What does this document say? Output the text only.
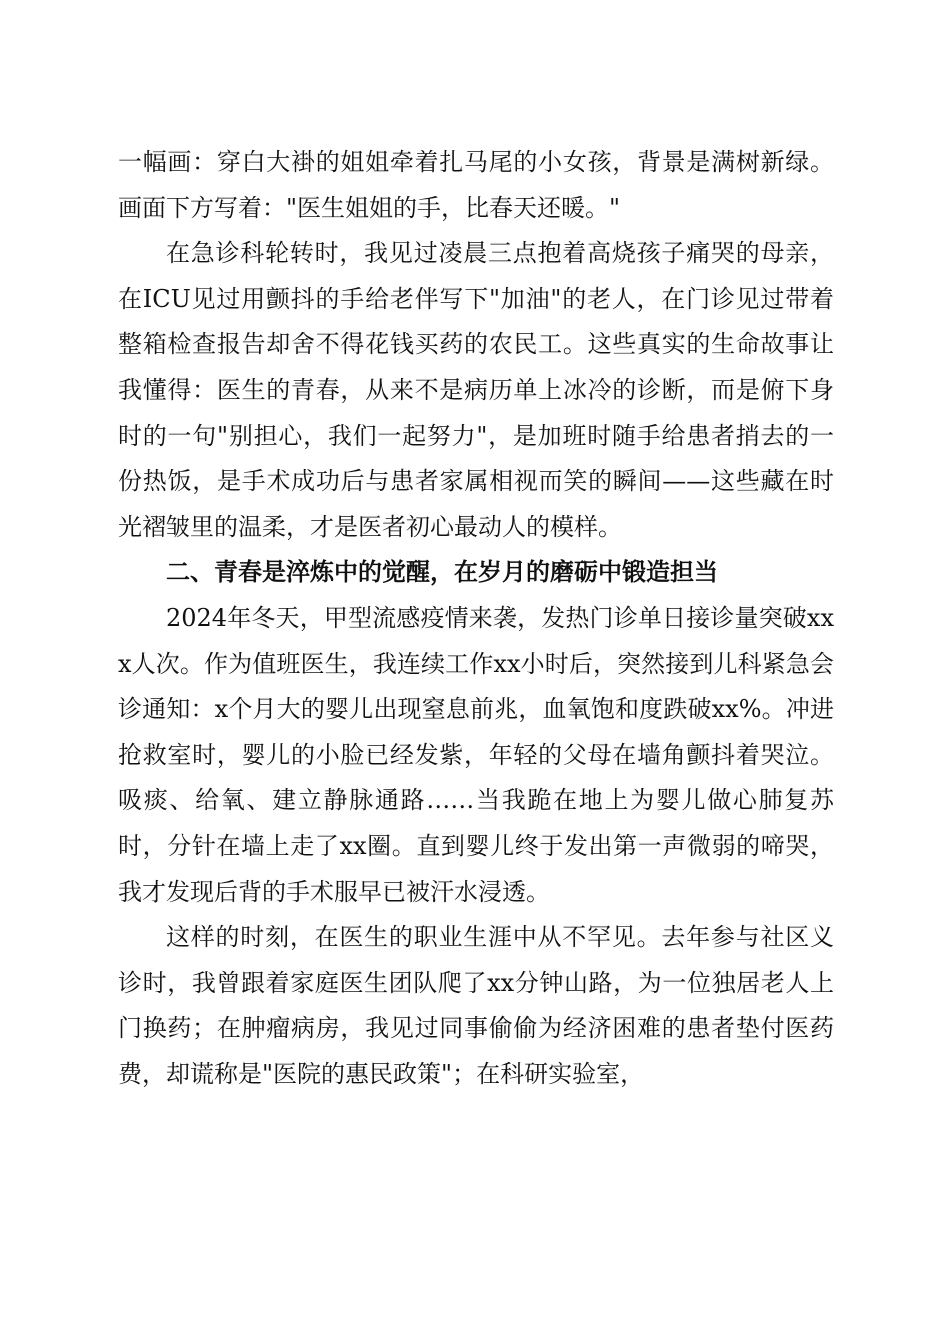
一幅画：穿白大褂的姐姐牵着扎马尾的小女孩，背景是满树新绿。画面下方写着："医生姐姐的手，比春天还暖。"

在急诊科轮转时，我见过凌晨三点抱着高烧孩子痛哭的母亲，在ICU见过用颤抖的手给老伴写下"加油"的老人，在门诊见过带着整箱检查报告却舍不得花钱买药的农民工。这些真实的生命故事让我懂得：医生的青春，从来不是病历单上冰冷的诊断，而是俯下身时的一句"别担心，我们一起努力"，是加班时随手给患者捎去的一份热饭，是手术成功后与患者家属相视而笑的瞬间——这些藏在时光褶皱里的温柔，才是医者初心最动人的模样。

二、青春是淬炼中的觉醒，在岁月的磨砺中锻造担当

2024年冬天，甲型流感疫情来袭，发热门诊单日接诊量突破xxx人次。作为值班医生，我连续工作xx小时后，突然接到儿科紧急会诊通知：x个月大的婴儿出现窒息前兆，血氧饱和度跌破xx%。冲进抢救室时，婴儿的小脸已经发紫，年轻的父母在墙角颤抖着哭泣。吸痰、给氧、建立静脉通路……当我跪在地上为婴儿做心肺复苏时，分针在墙上走了xx圈。直到婴儿终于发出第一声微弱的啼哭，我才发现后背的手术服早已被汗水浸透。

这样的时刻，在医生的职业生涯中从不罕见。去年参与社区义诊时，我曾跟着家庭医生团队爬了xx分钟山路，为一位独居老人上门换药；在肿瘤病房，我见过同事偷偷为经济困难的患者垫付医药费，却谎称是"医院的惠民政策"；在科研实验室，
